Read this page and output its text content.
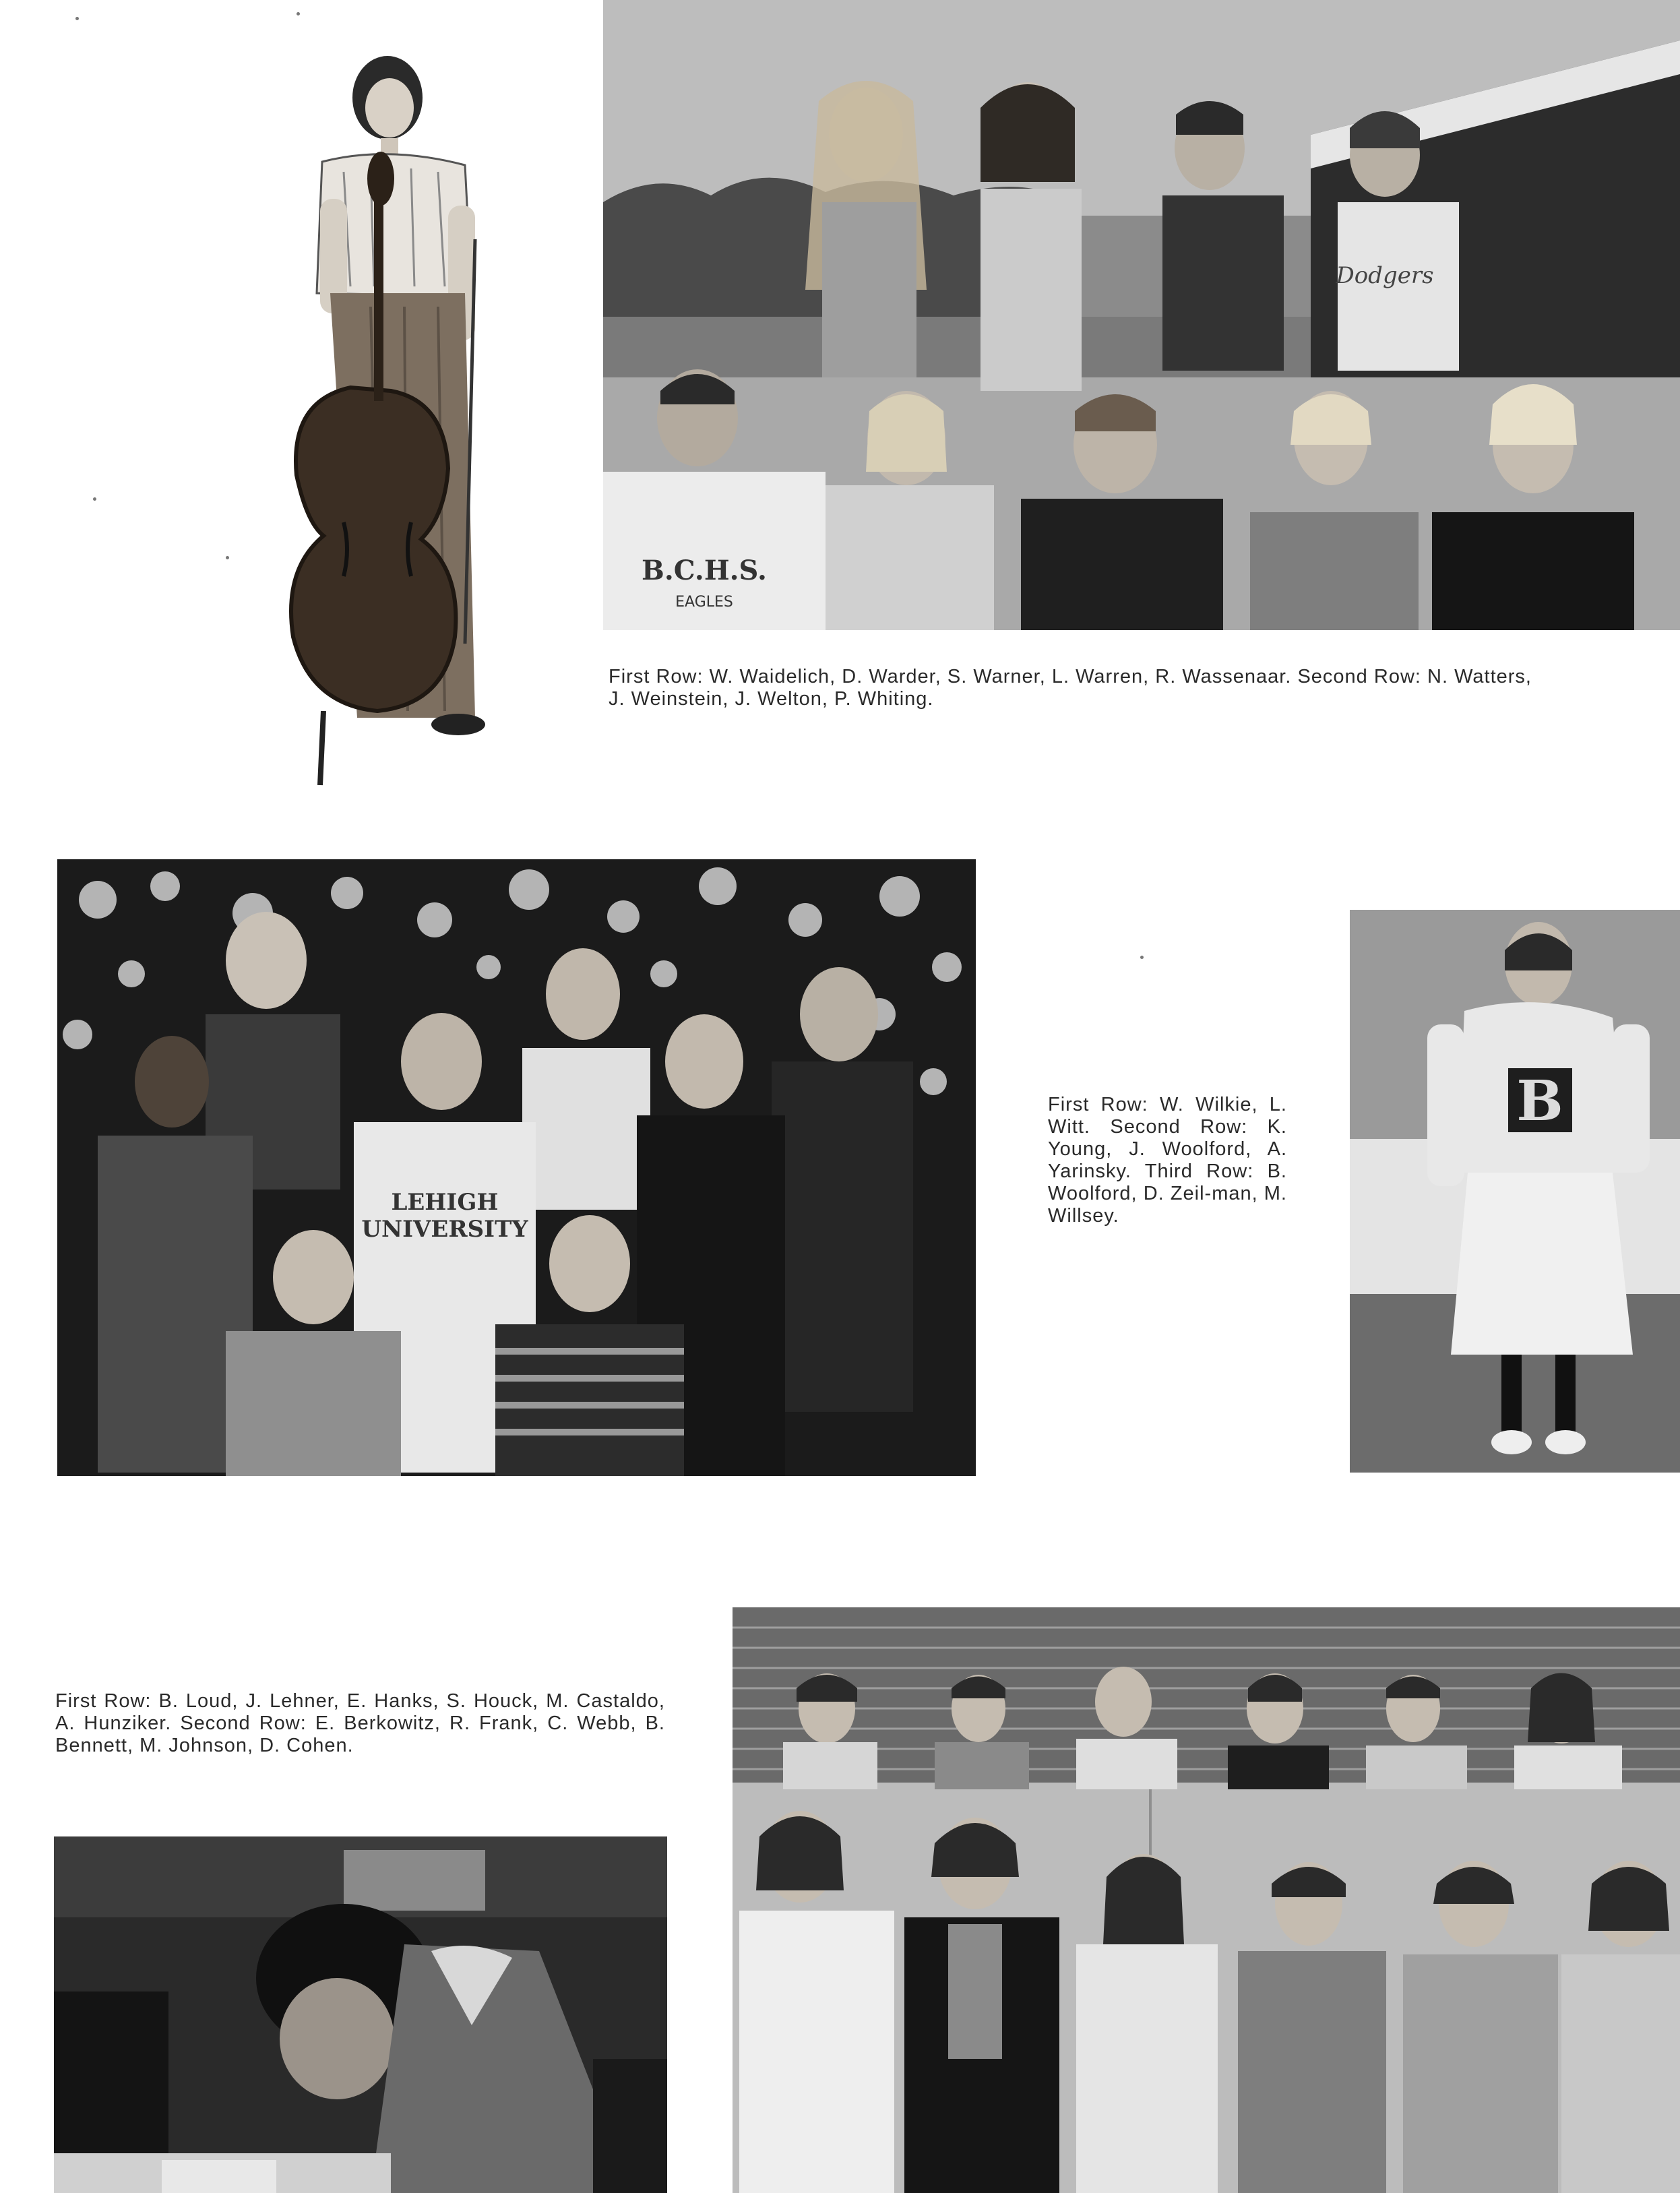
B.C.H.S.
EAGLES
Dodgers
First Row: W. Waidelich, D. Warder, S. Warner, L. Warren, R. Wassenaar. Second Row: N. Watters, J. Weinstein, J. Welton, P. Whiting.
LEHIGH
UNIVERSITY
First Row: W. Wilkie, L. Witt. Second Row: K. Young, J. Woolford, A. Yarinsky. Third Row: B. Woolford, D. Zeil-man, M. Willsey.
B
First Row: B. Loud, J. Lehner, E. Hanks, S. Houck, M. Castaldo, A. Hunziker. Second Row: E. Berkowitz, R. Frank, C. Webb, B. Bennett, M. Johnson, D. Cohen.
